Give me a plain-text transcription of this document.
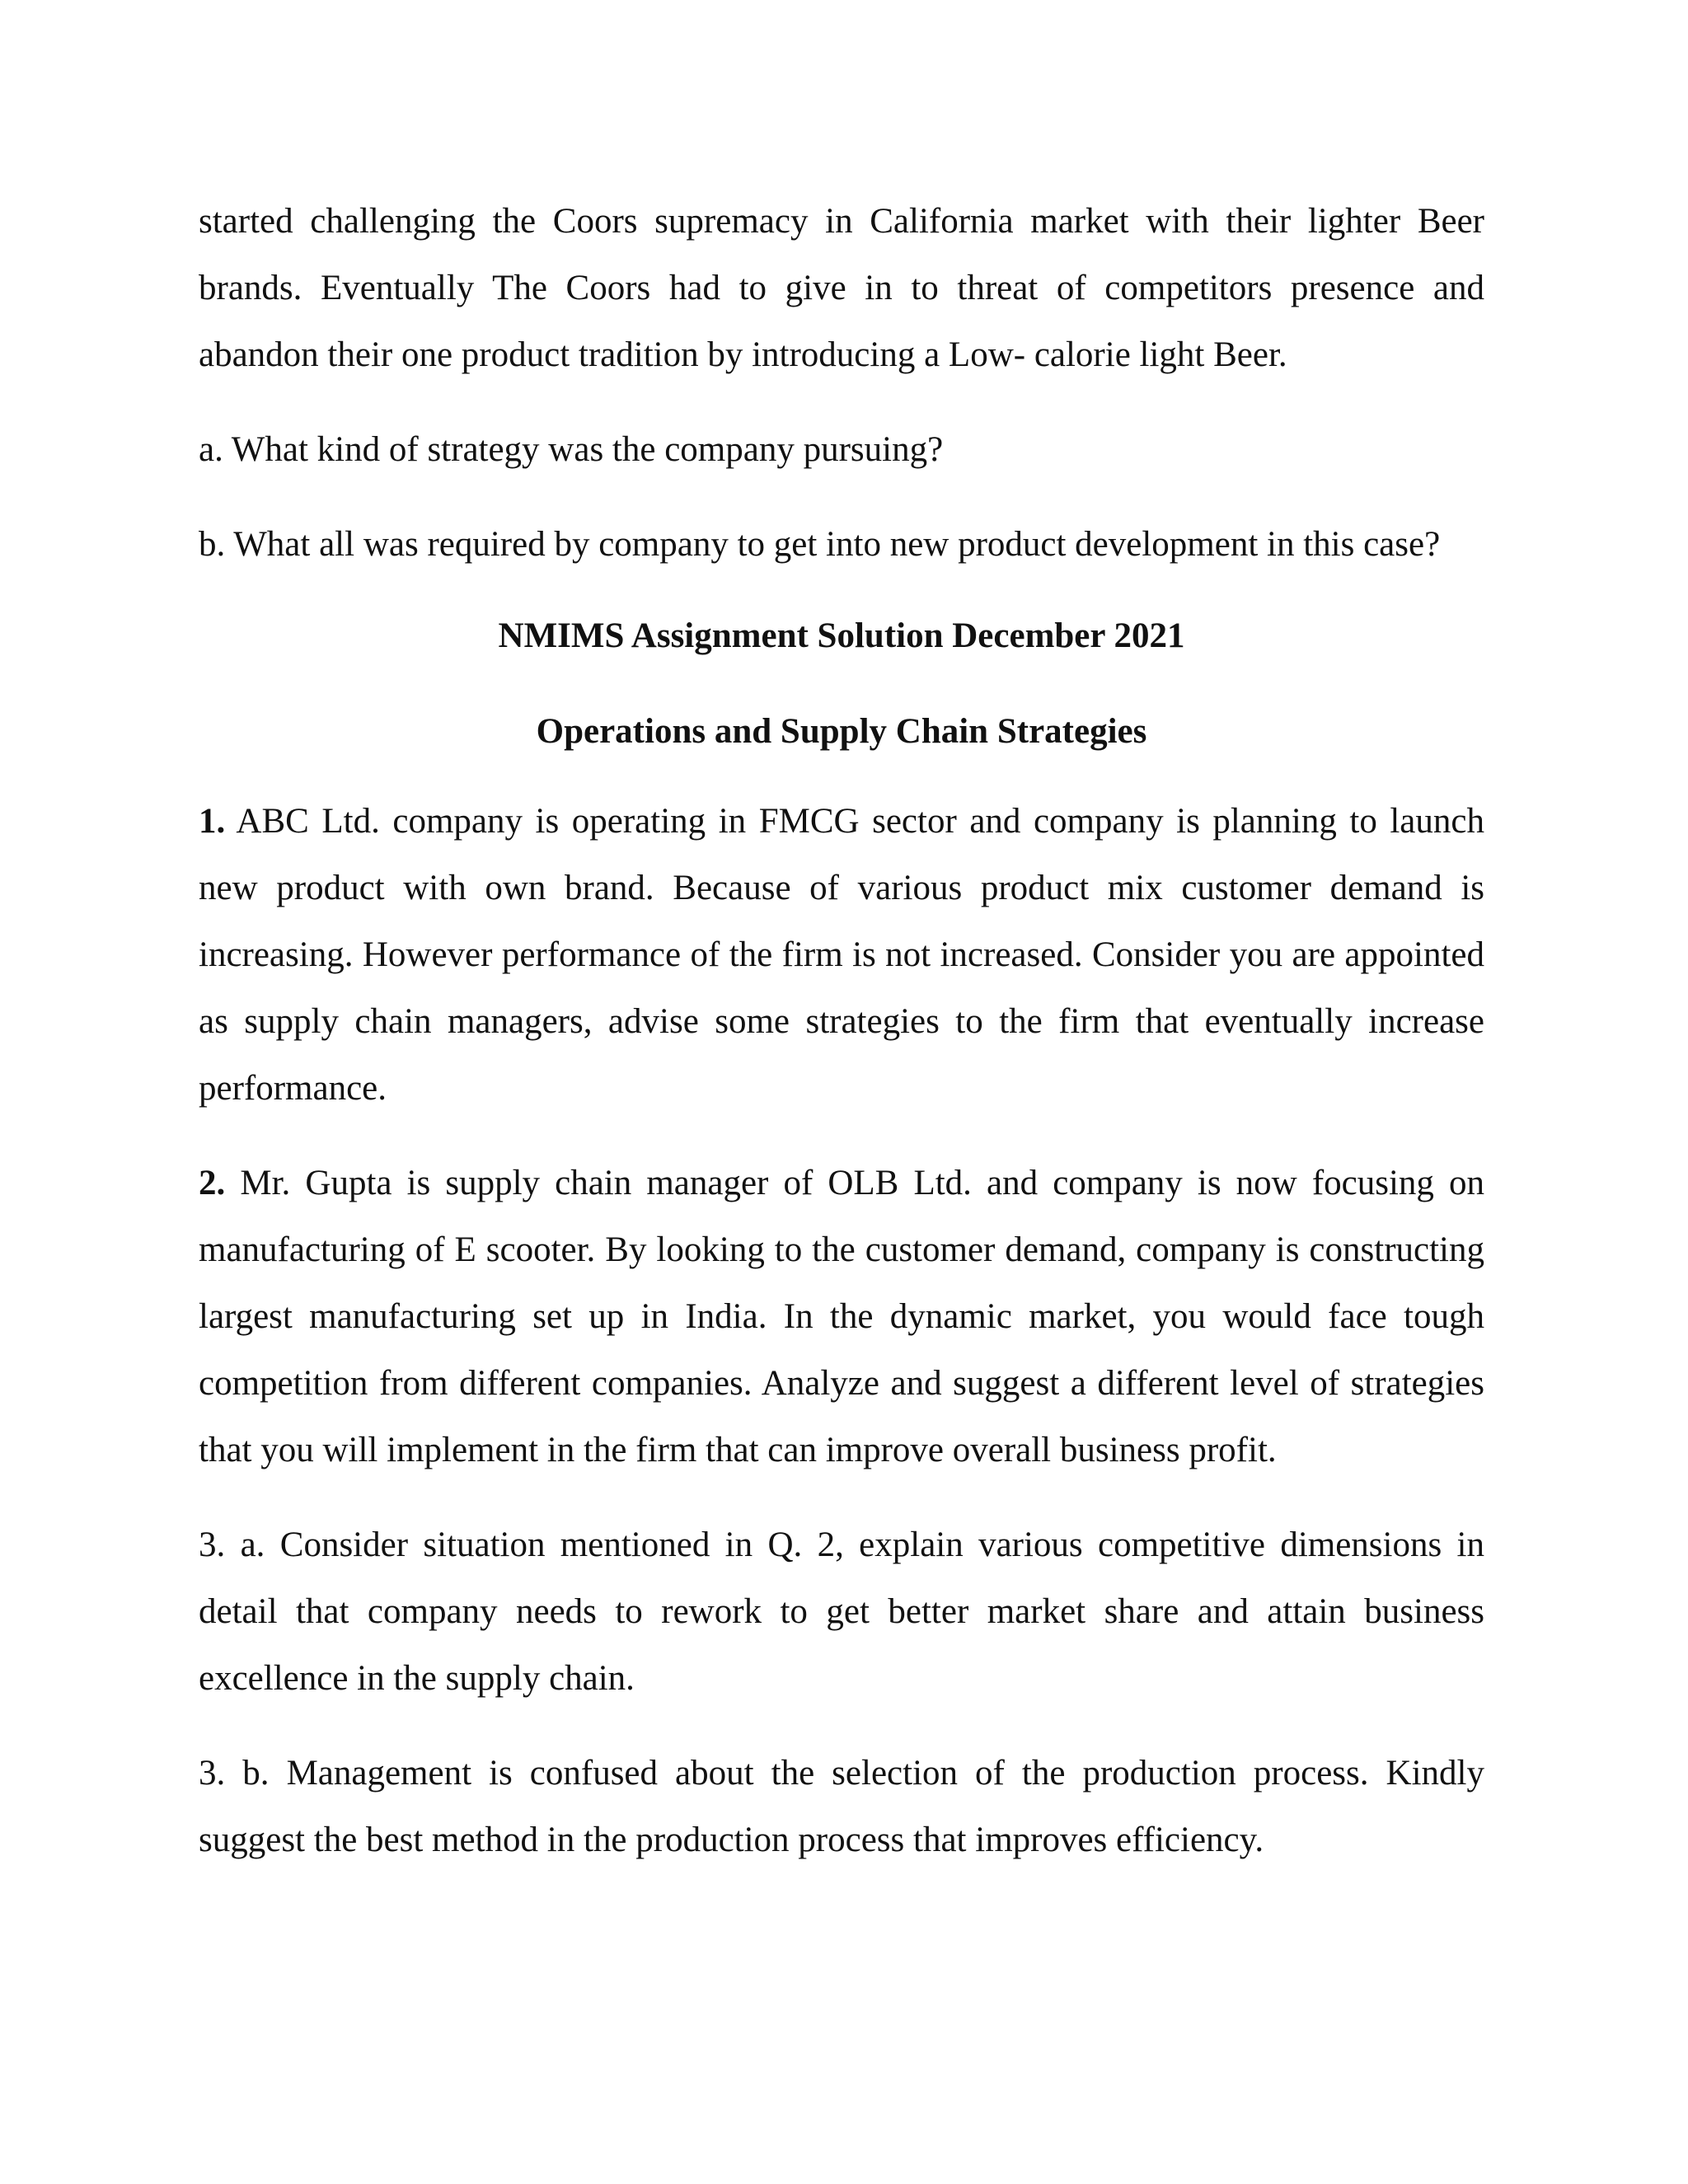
started challenging the Coors supremacy in California market with their lighter Beer brands. Eventually The Coors had to give in to threat of competitors presence and abandon their one product tradition by introducing a Low- calorie light Beer.

a. What kind of strategy was the company pursuing?

b. What all was required by company to get into new product development in this case?

NMIMS Assignment Solution December 2021

Operations and Supply Chain Strategies

1. ABC Ltd. company is operating in FMCG sector and company is planning to launch new product with own brand. Because of various product mix customer demand is increasing. However performance of the firm is not increased. Consider you are appointed as supply chain managers, advise some strategies to the firm that eventually increase performance.

2. Mr. Gupta is supply chain manager of OLB Ltd. and company is now focusing on manufacturing of E scooter. By looking to the customer demand, company is constructing largest manufacturing set up in India. In the dynamic market, you would face tough competition from different companies. Analyze and suggest a different level of strategies that you will implement in the firm that can improve overall business profit.

3. a. Consider situation mentioned in Q. 2, explain various competitive dimensions in detail that company needs to rework to get better market share and attain business excellence in the supply chain.

3. b. Management is confused about the selection of the production process. Kindly suggest the best method in the production process that improves efficiency.
